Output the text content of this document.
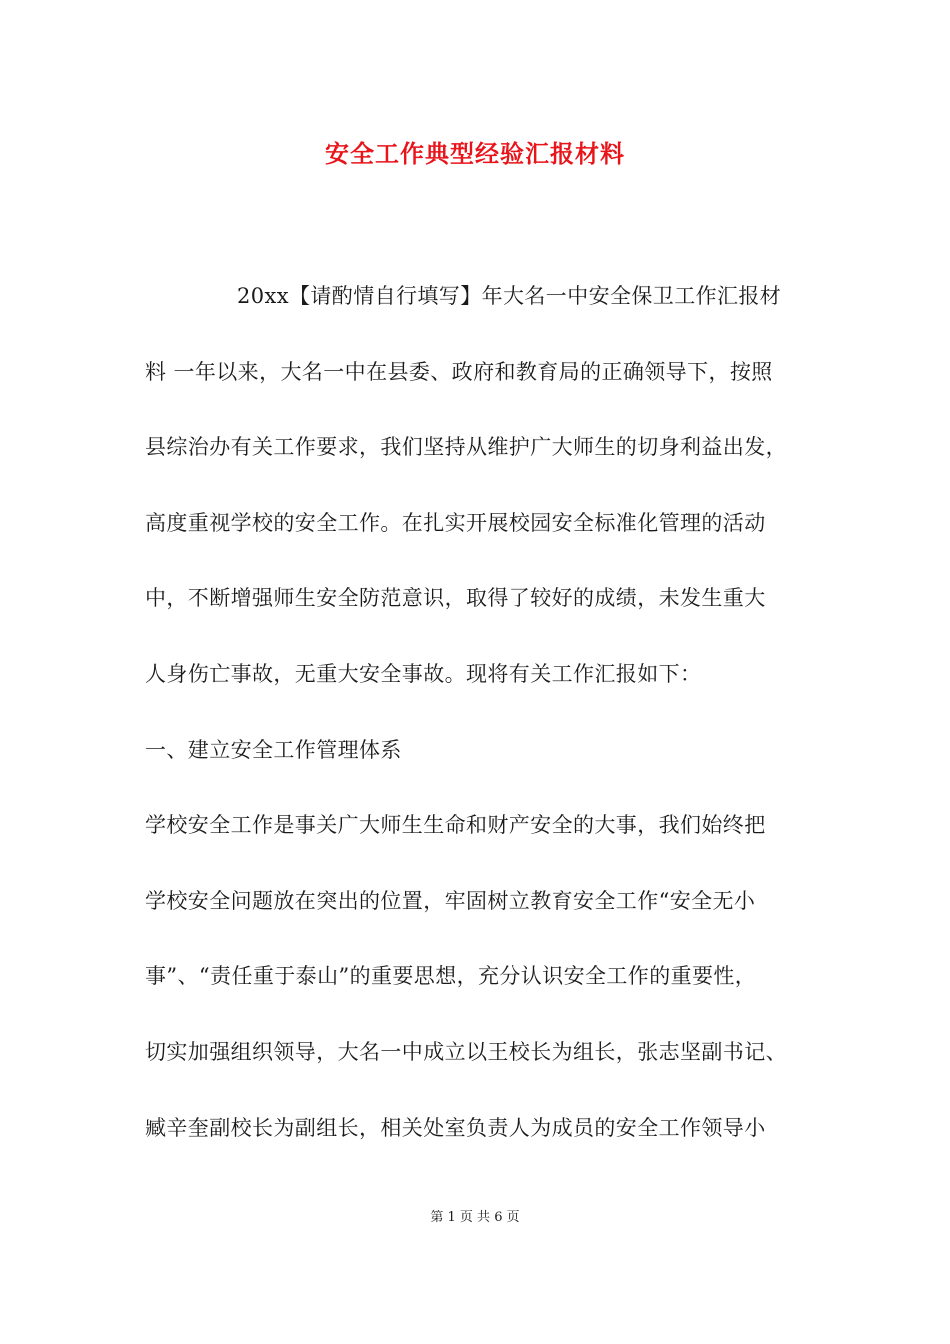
安全工作典型经验汇报材料
20xx【请酌情自行填写】年大名一中安全保卫工作汇报材
料 一年以来，大名一中在县委、政府和教育局的正确领导下，按照
县综治办有关工作要求，我们坚持从维护广大师生的切身利益出发，
高度重视学校的安全工作。在扎实开展校园安全标准化管理的活动
中，不断增强师生安全防范意识，取得了较好的成绩，未发生重大
人身伤亡事故，无重大安全事故。现将有关工作汇报如下：
一、建立安全工作管理体系
学校安全工作是事关广大师生生命和财产安全的大事，我们始终把
学校安全问题放在突出的位置，牢固树立教育安全工作“安全无小
事”、“责任重于泰山”的重要思想，充分认识安全工作的重要性，
切实加强组织领导，大名一中成立以王校长为组长，张志坚副书记、
臧辛奎副校长为副组长，相关处室负责人为成员的安全工作领导小
第 1 页 共 6 页
